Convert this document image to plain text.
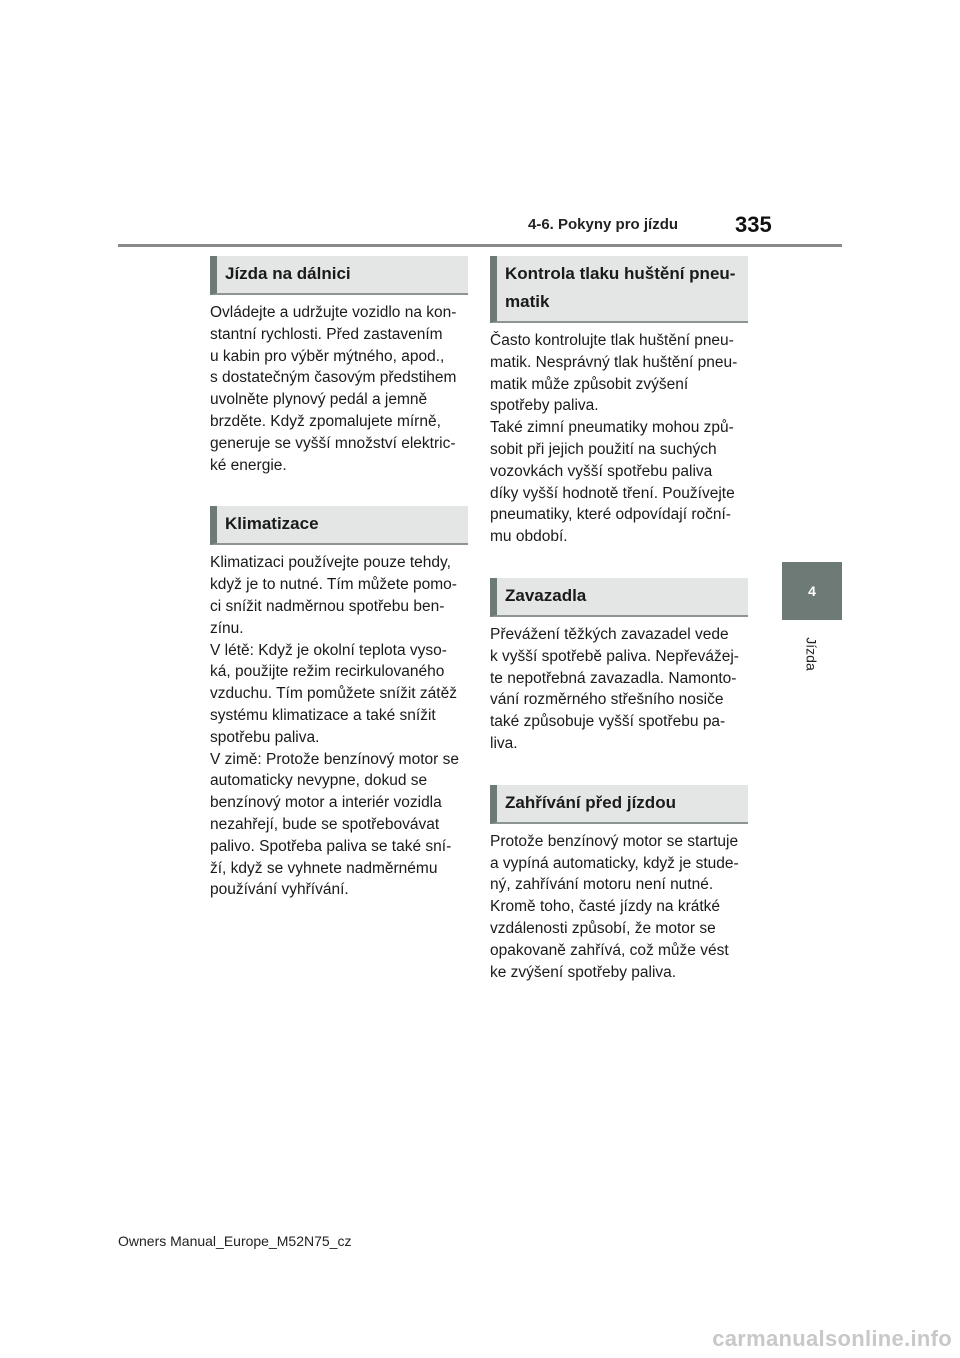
4-6. Pokyny pro jízdu	335
4
Jízda
Jízda na dálnici
Ovládejte a udržujte vozidlo na kon-
stantní rychlosti. Před zastavením
u kabin pro výběr mýtného, apod.,
s dostatečným časovým předstihem
uvolněte plynový pedál a jemně
brzděte. Když zpomalujete mírně,
generuje se vyšší množství elektric-
ké energie.
Klimatizace
Klimatizaci používejte pouze tehdy,
když je to nutné. Tím můžete pomo-
ci snížit nadměrnou spotřebu ben-
zínu.
V létě: Když je okolní teplota vyso-
ká, použijte režim recirkulovaného
vzduchu. Tím pomůžete snížit zátěž
systému klimatizace a také snížit
spotřebu paliva.
V zimě: Protože benzínový motor se
automaticky nevypne, dokud se
benzínový motor a interiér vozidla
nezahřejí, bude se spotřebovávat
palivo. Spotřeba paliva se také sní-
ží, když se vyhnete nadměrnému
používání vyhřívání.
Kontrola tlaku huštění pneu-
matik
Často kontrolujte tlak huštění pneu-
matik. Nesprávný tlak huštění pneu-
matik může způsobit zvýšení
spotřeby paliva.
Také zimní pneumatiky mohou způ-
sobit při jejich použití na suchých
vozovkách vyšší spotřebu paliva
díky vyšší hodnotě tření. Používejte
pneumatiky, které odpovídají roční-
mu období.
Zavazadla
Převážení těžkých zavazadel vede
k vyšší spotřebě paliva. Nepřevážej-
te nepotřebná zavazadla. Namonto-
vání rozměrného střešního nosiče
také způsobuje vyšší spotřebu pa-
liva.
Zahřívání před jízdou
Protože benzínový motor se startuje
a vypíná automaticky, když je stude-
ný, zahřívání motoru není nutné.
Kromě toho, časté jízdy na krátké
vzdálenosti způsobí, že motor se
opakovaně zahřívá, což může vést
ke zvýšení spotřeby paliva.
Owners Manual_Europe_M52N75_cz
carmanualsonline.info
